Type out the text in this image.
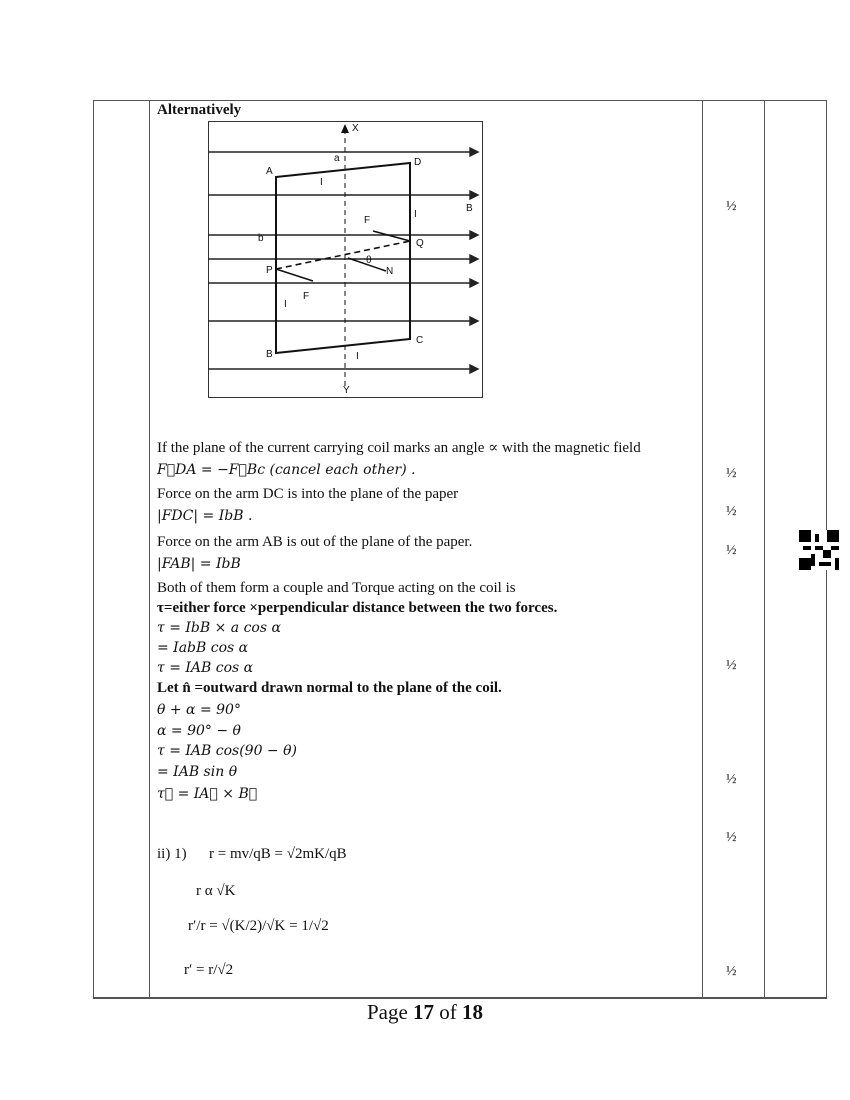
Alternatively
X
Y
A
B
C
D
P
Q
N
F
F
I
I
I
I
B
a
b
θ
If the plane of the current carrying coil marks an angle ∝ with the magnetic field
F⃗DA = −F⃗Bc (cancel each other) .
Force on the arm DC is into the plane of the paper
|FDC| = IbB .
Force on the arm AB is out of the plane of the paper.
|FAB| = IbB
Both of them form a couple and Torque acting on the coil is
τ=either force ×perpendicular distance between the two forces.
τ = IbB × a cos α
= IabB cos α
τ = IAB cos α
Let n̂ =outward drawn normal to the plane of the coil.
θ + α = 90°
α = 90° − θ
τ = IAB cos(90 − θ)
= IAB sin θ
τ⃗ = IA⃗ × B⃗
ii) 1) r = mv/qB = √2mK/qB
r α √K
r′/r = √(K/2)/√K = 1/√2
r′ = r/√2
½
½
½
½
½
½
½
½
Page 17 of 18
